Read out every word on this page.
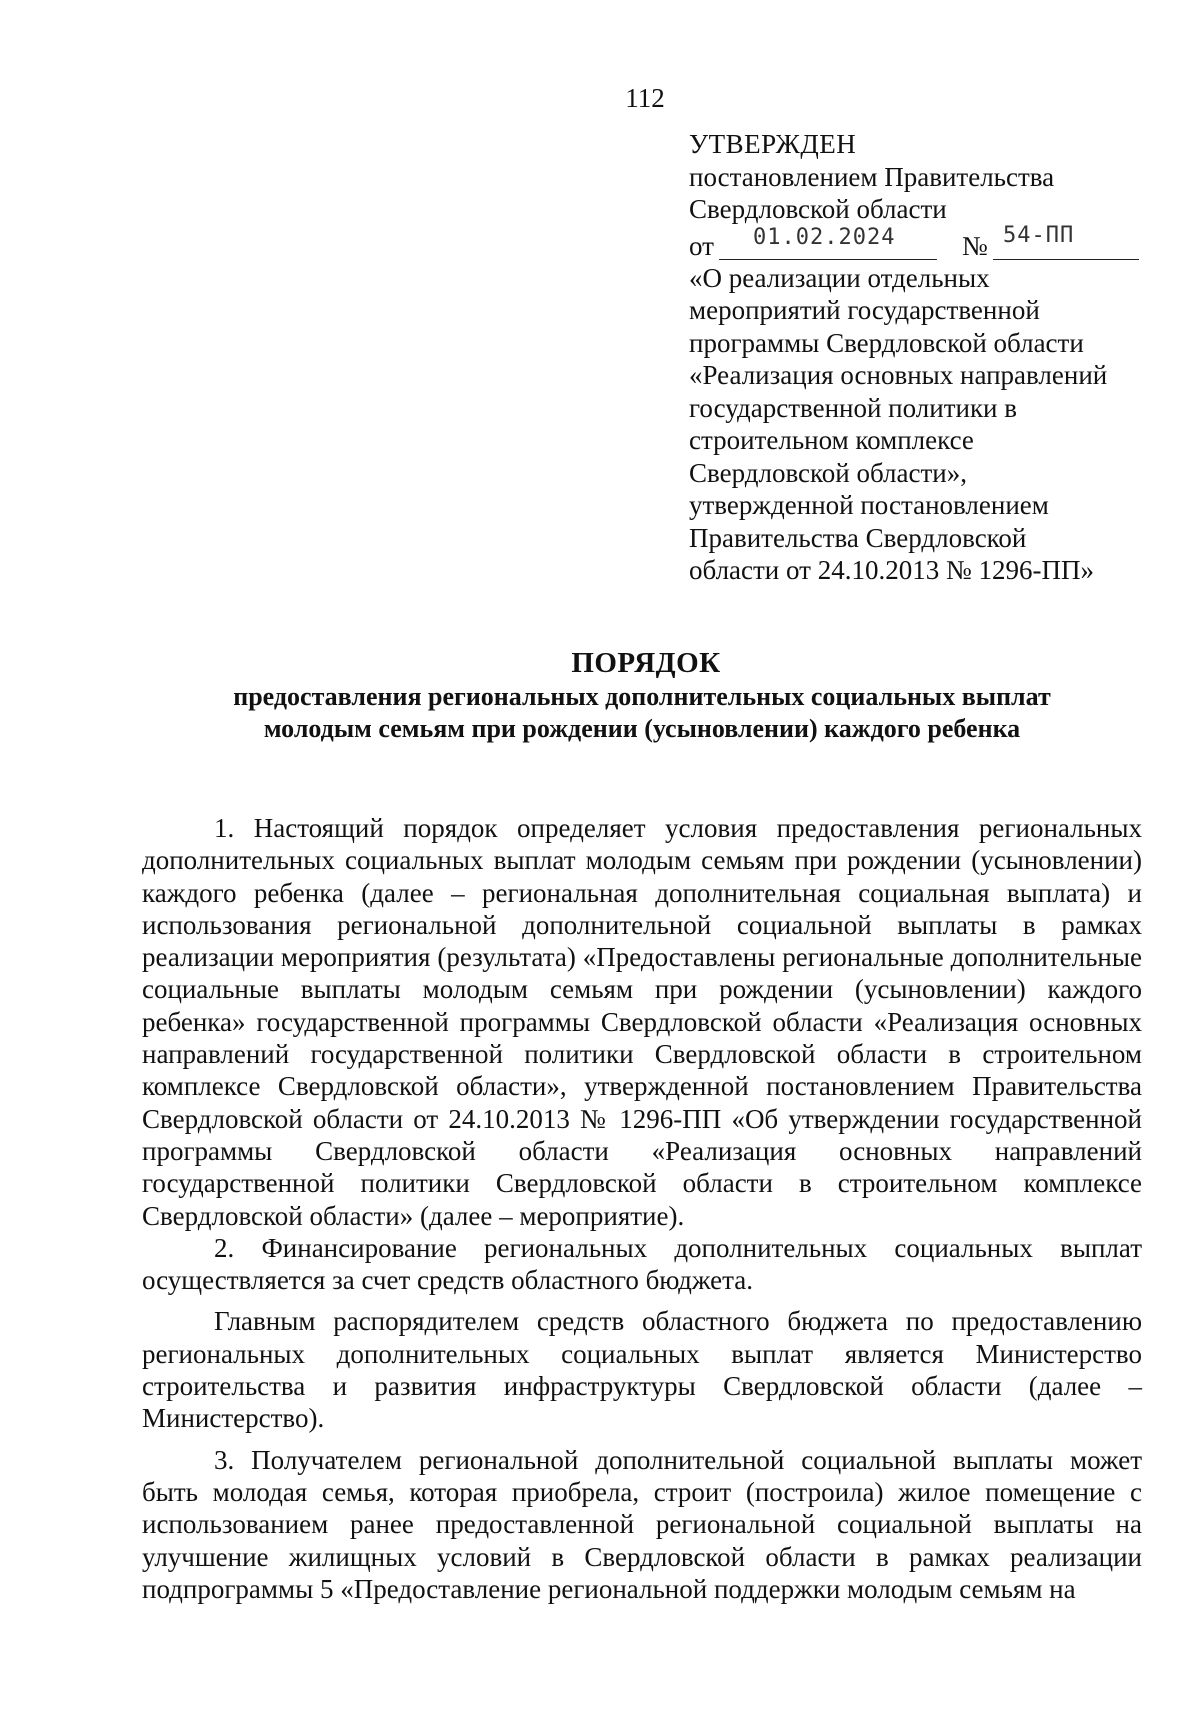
112
УТВЕРЖДЕН
постановлением Правительства
Свердловской области
от 01.02.2024 № 54-ПП
«О реализации отдельных
мероприятий государственной
программы Свердловской области
«Реализация основных направлений
государственной политики в
строительном комплексе
Свердловской области»,
утвержденной постановлением
Правительства Свердловской
области от 24.10.2013 № 1296-ПП»
ПОРЯДОК
предоставления региональных дополнительных социальных выплат
молодым семьям при рождении (усыновлении) каждого ребенка

1. Настоящий порядок определяет условия предоставления региональных дополнительных социальных выплат молодым семьям при рождении (усыновлении) каждого ребенка (далее – региональная дополнительная социальная выплата) и использования региональной дополнительной социальной выплаты в рамках реализации мероприятия (результата) «Предоставлены региональные дополнительные социальные выплаты молодым семьям при рождении (усыновлении) каждого ребенка» государственной программы Свердловской области «Реализация основных направлений государственной политики Свердловской области в строительном комплексе Свердловской области», утвержденной постановлением Правительства Свердловской области от 24.10.2013 № 1296-ПП «Об утверждении государственной программы Свердловской области «Реализация основных направлений государственной политики Свердловской области в строительном комплексе Свердловской области» (далее – мероприятие).

2. Финансирование региональных дополнительных социальных выплат осуществляется за счет средств областного бюджета.

Главным распорядителем средств областного бюджета по предоставлению региональных дополнительных социальных выплат является Министерство строительства и развития инфраструктуры Свердловской области (далее – Министерство).

3. Получателем региональной дополнительной социальной выплаты может быть молодая семья, которая приобрела, строит (построила) жилое помещение с использованием ранее предоставленной региональной социальной выплаты на улучшение жилищных условий в Свердловской области в рамках реализации подпрограммы 5 «Предоставление региональной поддержки молодым семьям на
